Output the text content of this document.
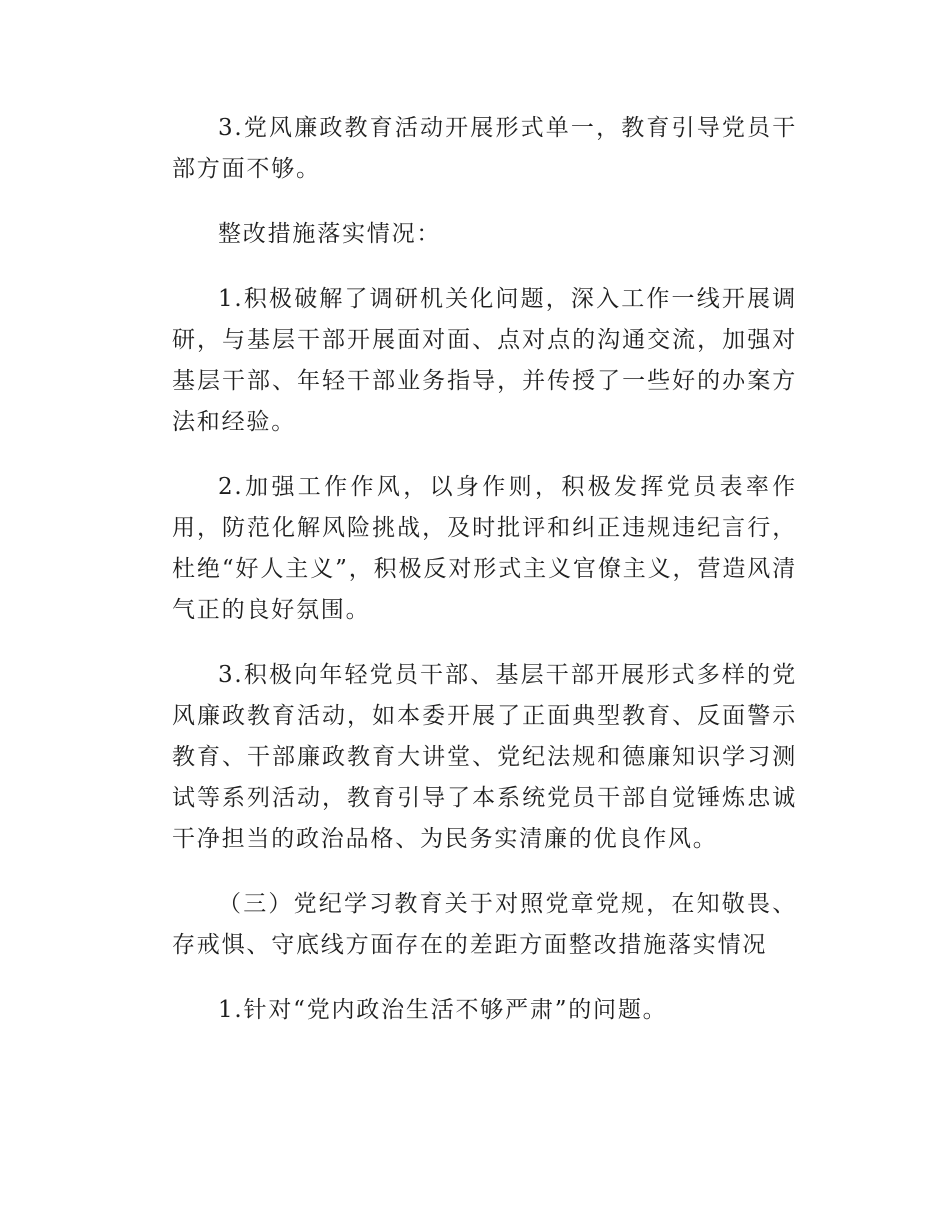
3.党风廉政教育活动开展形式单一，教育引导党员干部方面不够。

整改措施落实情况：

1.积极破解了调研机关化问题，深入工作一线开展调研，与基层干部开展面对面、点对点的沟通交流，加强对基层干部、年轻干部业务指导，并传授了一些好的办案方法和经验。

2.加强工作作风，以身作则，积极发挥党员表率作用，防范化解风险挑战，及时批评和纠正违规违纪言行，杜绝“好人主义”，积极反对形式主义官僚主义，营造风清气正的良好氛围。

3.积极向年轻党员干部、基层干部开展形式多样的党风廉政教育活动，如本委开展了正面典型教育、反面警示教育、干部廉政教育大讲堂、党纪法规和德廉知识学习测试等系列活动，教育引导了本系统党员干部自觉锤炼忠诚干净担当的政治品格、为民务实清廉的优良作风。

（三）党纪学习教育关于对照党章党规，在知敬畏、存戒惧、守底线方面存在的差距方面整改措施落实情况

1.针对“党内政治生活不够严肃”的问题。
